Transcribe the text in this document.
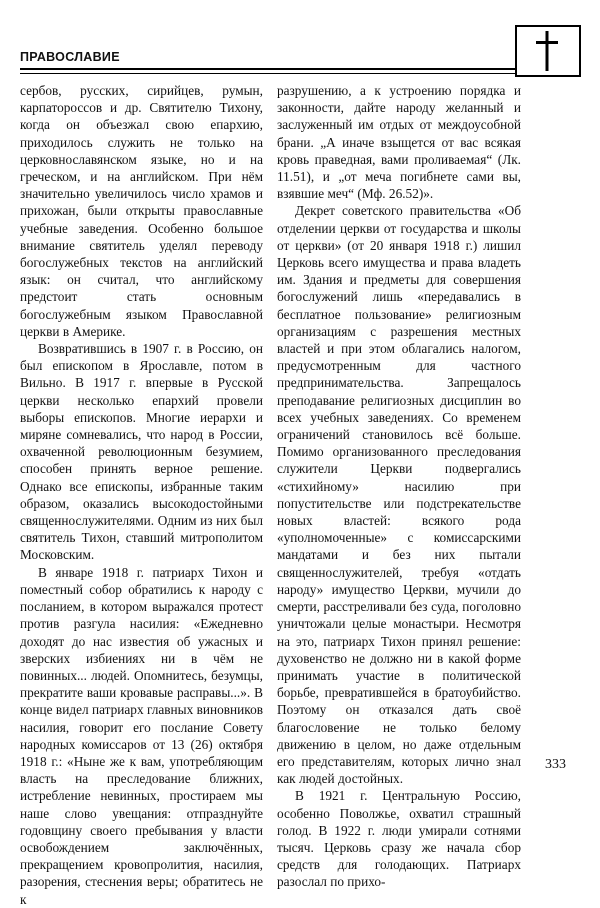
ПРАВОСЛАВИЕ

сербов, русских, сирийцев, румын, карпатороссов и др. Святителю Тихону, когда он объезжал свою епархию, приходилось служить не только на церковнославянском языке, но и на греческом, и на английском. При нём значительно увеличилось число храмов и прихожан, были открыты православные учебные заведения. Особенно большое внимание святитель уделял переводу богослужебных текстов на английский язык: он считал, что английскому предстоит стать основным богослужебным языком Православной церкви в Америке.

Возвратившись в 1907 г. в Россию, он был епископом в Ярославле, потом в Вильно. В 1917 г. впервые в Русской церкви несколько епархий провели выборы епископов. Многие иерархи и миряне сомневались, что народ в России, охваченной революционным безумием, способен принять верное решение. Однако все епископы, избранные таким образом, оказались высокодостойными священнослужителями. Одним из них был святитель Тихон, ставший митрополитом Московским.

В январе 1918 г. патриарх Тихон и поместный собор обратились к народу с посланием, в котором выражался протест против разгула насилия: «Ежедневно доходят до нас известия об ужасных и зверских избиениях ни в чём не повинных... людей. Опомнитесь, безумцы, прекратите ваши кровавые расправы...». В конце видел патриарх главных виновников насилия, говорит его послание Совету народных комиссаров от 13 (26) октября 1918 г.: «Ныне же к вам, употребляющим власть на преследование ближних, истребление невинных, простираем мы наше слово увещания: отпразднуйте годовщину своего пребывания у власти освобождением заключённых, прекращением кровопролития, насилия, разорения, стеснения веры; обратитесь не к

разрушению, а к устроению порядка и законности, дайте народу желанный и заслуженный им отдых от междоусобной брани. „А иначе взыщется от вас всякая кровь праведная, вами проливаемая“ (Лк. 11.51), и „от меча погибнете сами вы, взявшие меч“ (Мф. 26.52)».

Декрет советского правительства «Об отделении церкви от государства и школы от церкви» (от 20 января 1918 г.) лишил Церковь всего имущества и права владеть им. Здания и предметы для совершения богослужений лишь «передавались в бесплатное пользование» религиозным организациям с разрешения местных властей и при этом облагались налогом, предусмотренным для частного предпринимательства. Запрещалось преподавание религиозных дисциплин во всех учебных заведениях. Со временем ограничений становилось всё больше. Помимо организованного преследования служители Церкви подвергались «стихийному» насилию при попустительстве или подстрекательстве новых властей: всякого рода «уполномоченные» с комиссарскими мандатами и без них пытали священнослужителей, требуя «отдать народу» имущество Церкви, мучили до смерти, расстреливали без суда, поголовно уничтожали целые монастыри. Несмотря на это, патриарх Тихон принял решение: духовенство не должно ни в какой форме принимать участие в политической борьбе, превратившейся в братоубийство. Поэтому он отказался дать своё благословение не только белому движению в целом, но даже отдельным его представителям, которых лично знал как людей достойных.

В 1921 г. Центральную Россию, особенно Поволжье, охватил страшный голод. В 1922 г. люди умирали сотнями тысяч. Церковь сразу же начала сбор средств для голодающих. Патриарх разослал по прихо-

333
